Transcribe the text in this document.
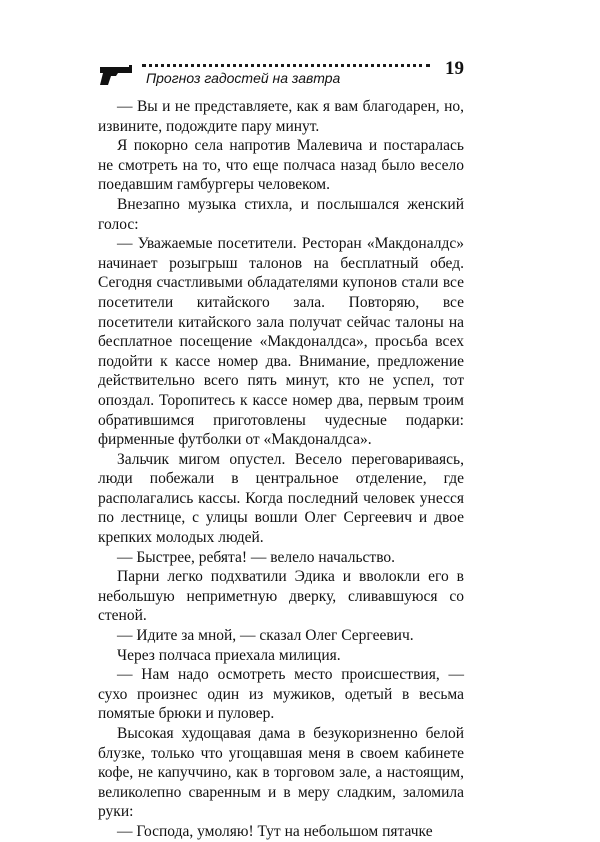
Прогноз гадостей на завтра	19

— Вы и не представляете, как я вам благодарен, но, извините, подождите пару минут.

Я покорно села напротив Малевича и постаралась не смотреть на то, что еще полчаса назад было весело поедавшим гамбургеры человеком.

Внезапно музыка стихла, и послышался женский голос:

— Уважаемые посетители. Ресторан «Макдоналдс» начинает розыгрыш талонов на бесплатный обед. Сегодня счастливыми обладателями купонов стали все посетители китайского зала. Повторяю, все посетители китайского зала получат сейчас талоны на бесплатное посещение «Макдоналдса», просьба всех подойти к кассе номер два. Внимание, предложение действительно всего пять минут, кто не успел, тот опоздал. Торопитесь к кассе номер два, первым троим обратившимся приготовлены чудесные подарки: фирменные футболки от «Макдоналдса».

Зальчик мигом опустел. Весело переговариваясь, люди побежали в центральное отделение, где располагались кассы. Когда последний человек унесся по лестнице, с улицы вошли Олег Сергеевич и двое крепких молодых людей.

— Быстрее, ребята! — велело начальство.

Парни легко подхватили Эдика и вволокли его в небольшую неприметную дверку, сливавшуюся со стеной.

— Идите за мной, — сказал Олег Сергеевич.

Через полчаса приехала милиция.

— Нам надо осмотреть место происшествия, — сухо произнес один из мужиков, одетый в весьма помятые брюки и пуловер.

Высокая худощавая дама в безукоризненно белой блузке, только что угощавшая меня в своем кабинете кофе, не капуччино, как в торговом зале, а настоящим, великолепно сваренным и в меру сладким, заломила руки:

— Господа, умоляю! Тут на небольшом пятачке
